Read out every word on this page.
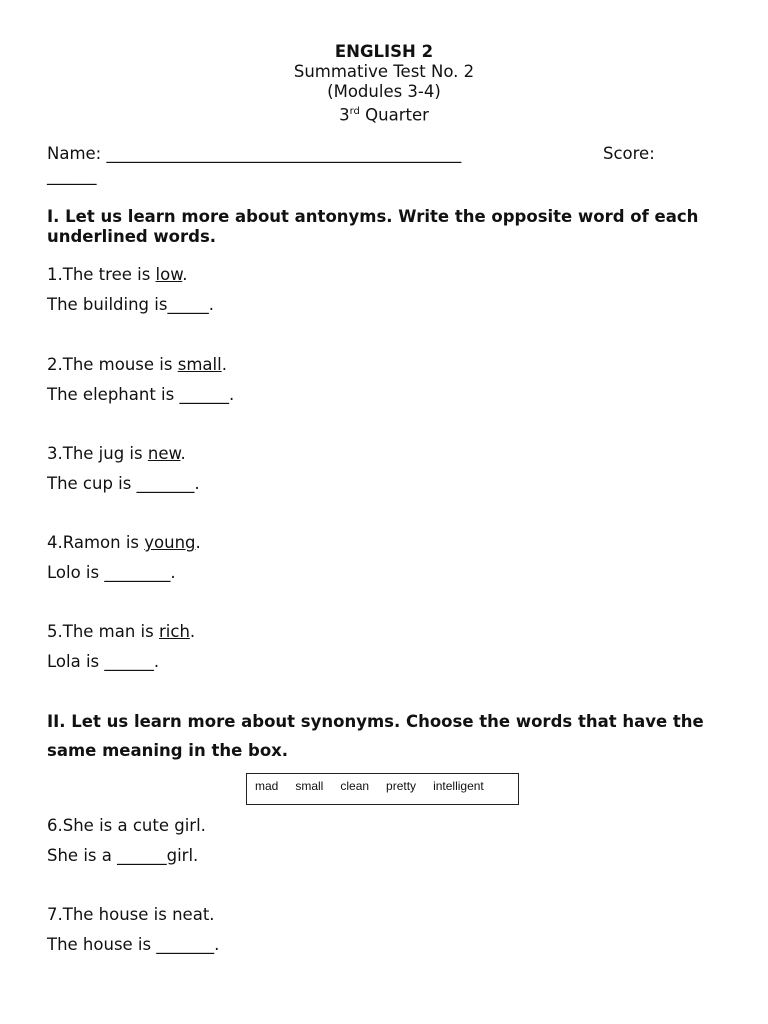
ENGLISH 2
Summative Test No. 2
(Modules 3-4)
3rd Quarter
Name: ___________________________________________	Score:
______
I. Let us learn more about antonyms. Write the opposite word of each underlined words.
1.The tree is low.
The building is_____.
2.The mouse is small.
The elephant is ______.
3.The jug is new.
The cup is _______.
4.Ramon is young.
Lolo is ________.
5.The man is rich.
Lola is ______.
II. Let us learn more about synonyms. Choose the words that have the same meaning in the box.
mad small clean pretty intelligent
6.She is a cute girl.
She is a ______girl.
7.The house is neat.
The house is _______.
